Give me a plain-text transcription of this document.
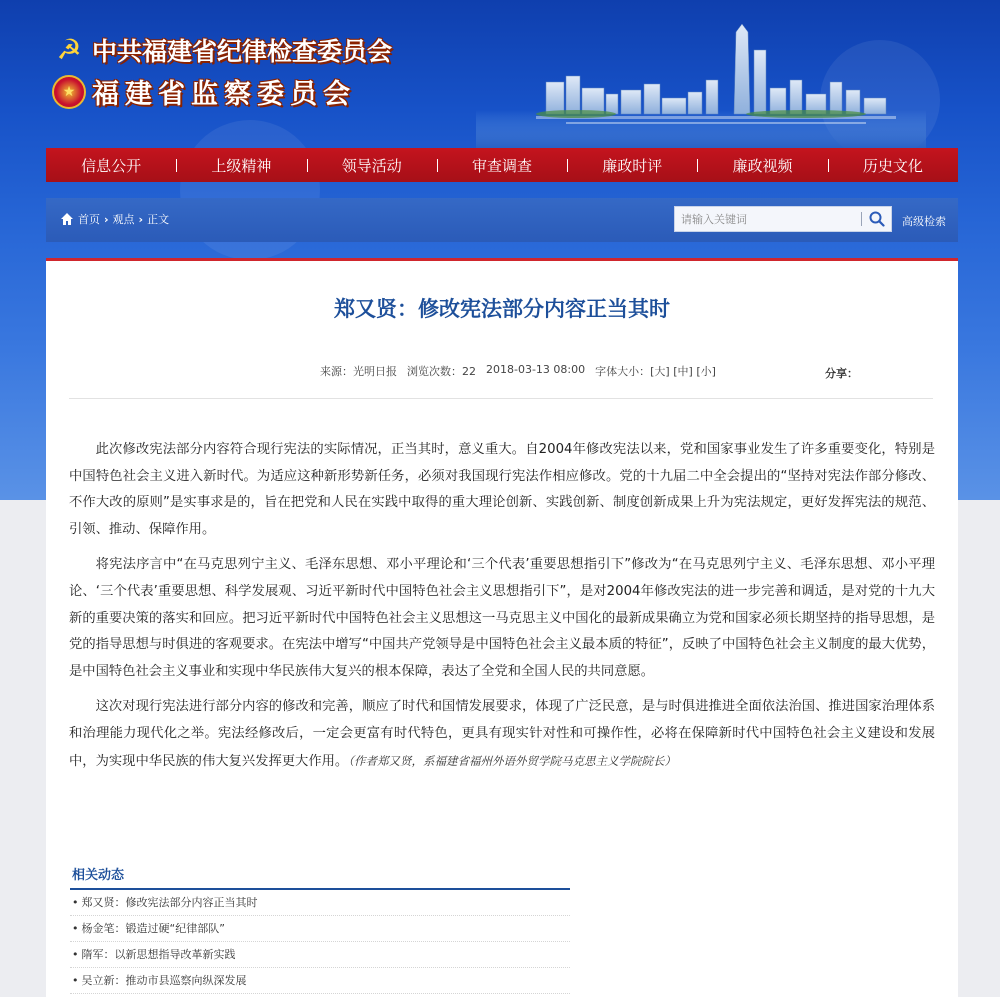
☭ 中共福建省纪律检查委员会
★ 福建省监察委员会
信息公开	上级精神	领导活动	审查调查	廉政时评	廉政视频	历史文化
首页 › 观点 › 正文
请输入关键词	高级检索
郑又贤：修改宪法部分内容正当其时
来源：光明日报 浏览次数：22 2018-03-13 08:00 字体大小：[大] [中] [小]	分享：

此次修改宪法部分内容符合现行宪法的实际情况，正当其时，意义重大。自2004年修改宪法以来，党和国家事业发生了许多重要变化，特别是中国特色社会主义进入新时代。为适应这种新形势新任务，必须对我国现行宪法作相应修改。党的十九届二中全会提出的“坚持对宪法作部分修改、不作大改的原则”是实事求是的，旨在把党和人民在实践中取得的重大理论创新、实践创新、制度创新成果上升为宪法规定，更好发挥宪法的规范、引领、推动、保障作用。

将宪法序言中“在马克思列宁主义、毛泽东思想、邓小平理论和‘三个代表’重要思想指引下”修改为“在马克思列宁主义、毛泽东思想、邓小平理论、‘三个代表’重要思想、科学发展观、习近平新时代中国特色社会主义思想指引下”，是对2004年修改宪法的进一步完善和调适，是对党的十九大新的重要决策的落实和回应。把习近平新时代中国特色社会主义思想这一马克思主义中国化的最新成果确立为党和国家必须长期坚持的指导思想，是党的指导思想与时俱进的客观要求。在宪法中增写“中国共产党领导是中国特色社会主义最本质的特征”，反映了中国特色社会主义制度的最大优势，是中国特色社会主义事业和实现中华民族伟大复兴的根本保障，表达了全党和全国人民的共同意愿。

这次对现行宪法进行部分内容的修改和完善，顺应了时代和国情发展要求，体现了广泛民意，是与时俱进推进全面依法治国、推进国家治理体系和治理能力现代化之举。宪法经修改后，一定会更富有时代特色，更具有现实针对性和可操作性，必将在保障新时代中国特色社会主义建设和发展中，为实现中华民族的伟大复兴发挥更大作用。（作者郑又贤，系福建省福州外语外贸学院马克思主义学院院长）

相关动态
• 郑又贤：修改宪法部分内容正当其时
• 杨金笔：锻造过硬“纪律部队”
• 隋军：以新思想指导改革新实践
• 吴立新：推动市县巡察向纵深发展
